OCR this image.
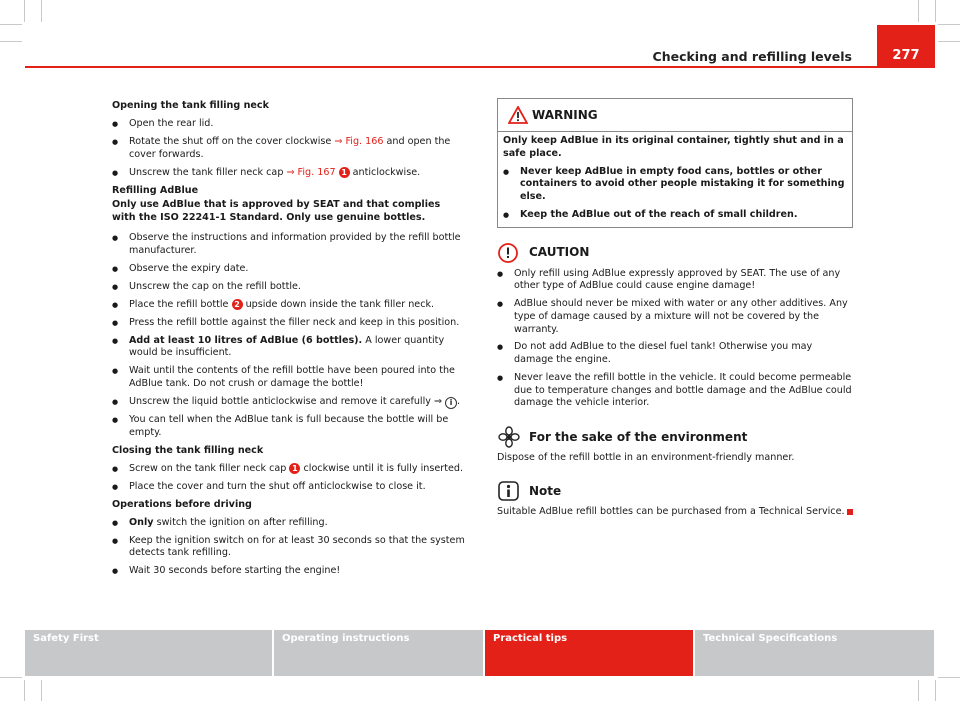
277
Checking and refilling levels
Opening the tank filling neck
● Open the rear lid.
● Rotate the shut off on the cover clockwise ⇒ Fig. 166 and open the cover forwards.
● Unscrew the tank filler neck cap ⇒ Fig. 167 1 anticlockwise.
Refilling AdBlue
Only use AdBlue that is approved by SEAT and that complies with the ISO 22241-1 Standard. Only use genuine bottles.
● Observe the instructions and information provided by the refill bottle manufacturer.
● Observe the expiry date.
● Unscrew the cap on the refill bottle.
● Place the refill bottle 2 upside down inside the tank filler neck.
● Press the refill bottle against the filler neck and keep in this position.
● Add at least 10 litres of AdBlue (6 bottles). A lower quantity would be insufficient.
● Wait until the contents of the refill bottle have been poured into the AdBlue tank. Do not crush or damage the bottle!
● Unscrew the liquid bottle anticlockwise and remove it carefully ⇒ i .
● You can tell when the AdBlue tank is full because the bottle will be empty.
Closing the tank filling neck
● Screw on the tank filler neck cap 1 clockwise until it is fully inserted.
● Place the cover and turn the shut off anticlockwise to close it.
Operations before driving
● Only switch the ignition on after refilling.
● Keep the ignition switch on for at least 30 seconds so that the system detects tank refilling.
● Wait 30 seconds before starting the engine!
WARNING
Only keep AdBlue in its original container, tightly shut and in a safe place.
● Never keep AdBlue in empty food cans, bottles or other containers to avoid other people mistaking it for something else.
● Keep the AdBlue out of the reach of small children.
CAUTION
● Only refill using AdBlue expressly approved by SEAT. The use of any other type of AdBlue could cause engine damage!
● AdBlue should never be mixed with water or any other additives. Any type of damage caused by a mixture will not be covered by the warranty.
● Do not add AdBlue to the diesel fuel tank! Otherwise you may damage the engine.
● Never leave the refill bottle in the vehicle. It could become permeable due to temperature changes and bottle damage and the AdBlue could damage the vehicle interior.
For the sake of the environment
Dispose of the refill bottle in an environment-friendly manner.
Note
Suitable AdBlue refill bottles can be purchased from a Technical Service.
Safety First	Operating instructions	Practical tips	Technical Specifications
